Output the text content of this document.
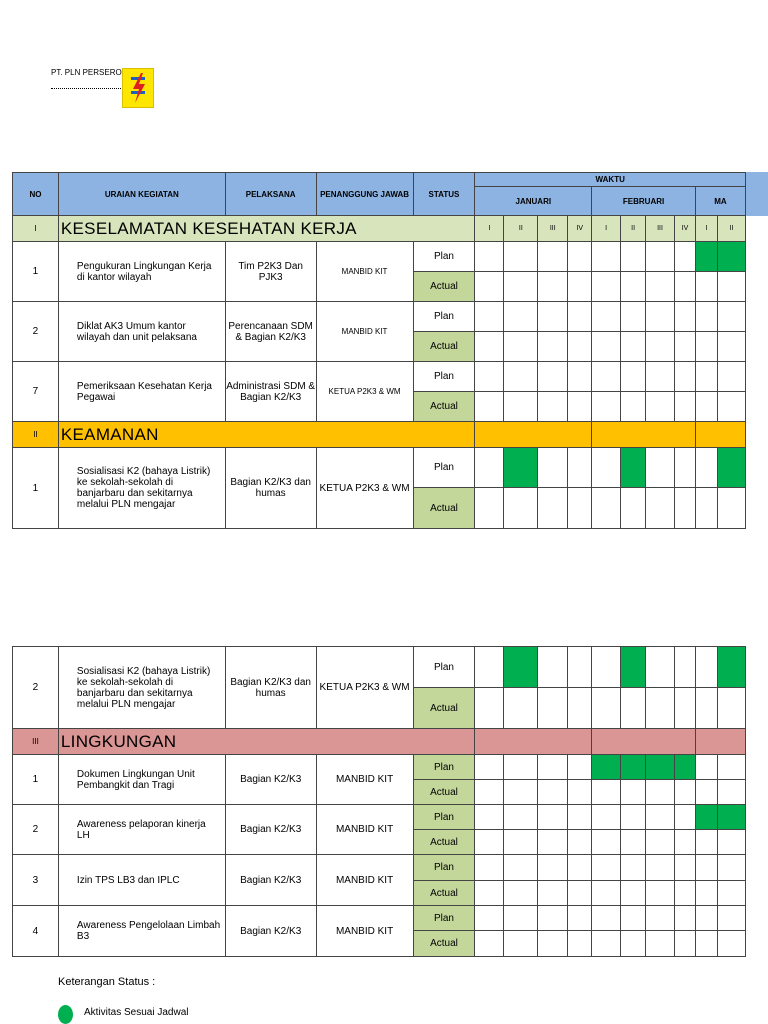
PT. PLN PERSERO
NO	URAIAN KEGIATAN	PELAKSANA	PENANGGUNG JAWAB	STATUS	WAKTU									
					JANUARI				FEBRUARI				MA	
I	KESELAMATAN KESEHATAN KERJA				I	II	III	IV	I	II	III	IV	I	II
1	Pengukuran Lingkungan Kerja di kantor wilayah	Tim P2K3 Dan PJK3	MANBID KIT	Plan										
				Actual										
2	Diklat AK3 Umum kantor wilayah dan unit pelaksana	Perencanaan SDM & Bagian K2/K3	MANBID KIT	Plan										
				Actual										
7	Pemeriksaan Kesehatan Kerja Pegawai	Administrasi SDM & Bagian K2/K3	KETUA P2K3 & WM	Plan										
				Actual										
II	KEAMANAN													
1	Sosialisasi K2 (bahaya Listrik) ke sekolah-sekolah di banjarbaru dan sekitarnya melalui PLN mengajar	Bagian K2/K3 dan humas	KETUA P2K3 & WM	Plan										
				Actual										
2	Sosialisasi K2 (bahaya Listrik) ke sekolah-sekolah di banjarbaru dan sekitarnya melalui PLN mengajar	Bagian K2/K3 dan humas	KETUA P2K3 & WM	Plan										
				Actual										
III	LINGKUNGAN													
1	Dokumen Lingkungan Unit Pembangkit dan Tragi	Bagian K2/K3	MANBID KIT	Plan										
				Actual										
2	Awareness pelaporan kinerja LH	Bagian K2/K3	MANBID KIT	Plan										
				Actual										
3	Izin TPS LB3 dan IPLC	Bagian K2/K3	MANBID KIT	Plan										
				Actual										
4	Awareness Pengelolaan Limbah B3	Bagian K2/K3	MANBID KIT	Plan										
				Actual										
Keterangan Status :
Aktivitas Sesuai Jadwal
